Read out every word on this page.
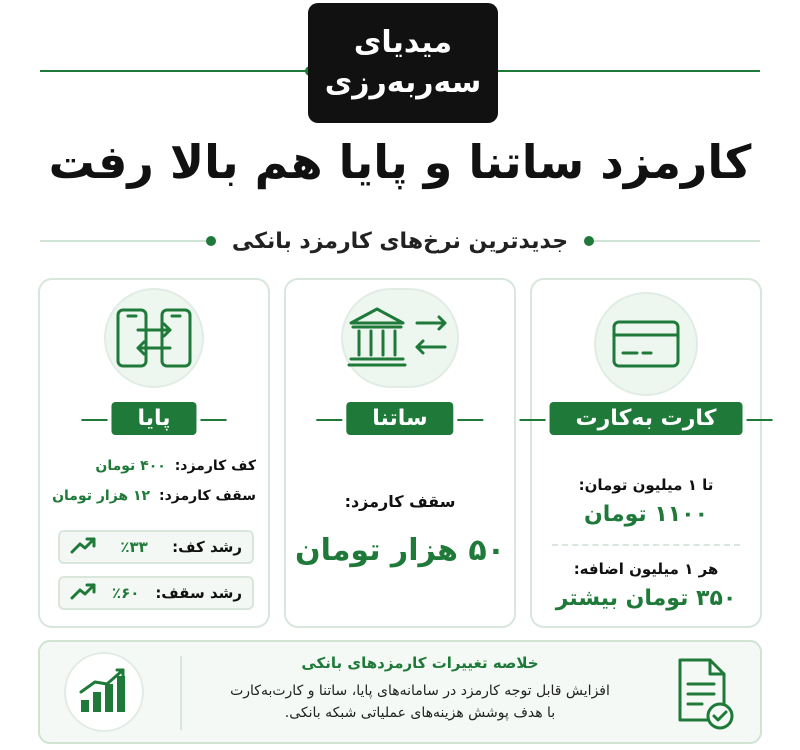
میدیای
سەربەرزی
کارمزد ساتنا و پایا هم بالا رفت
جدیدترین نرخ‌های کارمزد بانکی
پایا
کف کارمزد: ۴۰۰ تومان
سقف کارمزد: ۱۲ هزار تومان
رشد کف:
٪۳۳
رشد سقف:
٪۶۰
ساتنا
سقف کارمزد:
۵۰ هزار تومان
کارت به‌کارت
تا ۱ میلیون تومان:
۱۱۰۰ تومان
هر ۱ میلیون اضافه:
۳۵۰ تومان بیشتر
خلاصه تغییرات کارمزدهای بانکی
افزایش قابل توجه کارمزد در سامانه‌های پایا، ساتنا و کارت‌به‌کارت
با هدف پوشش هزینه‌های عملیاتی شبکه بانکی.
